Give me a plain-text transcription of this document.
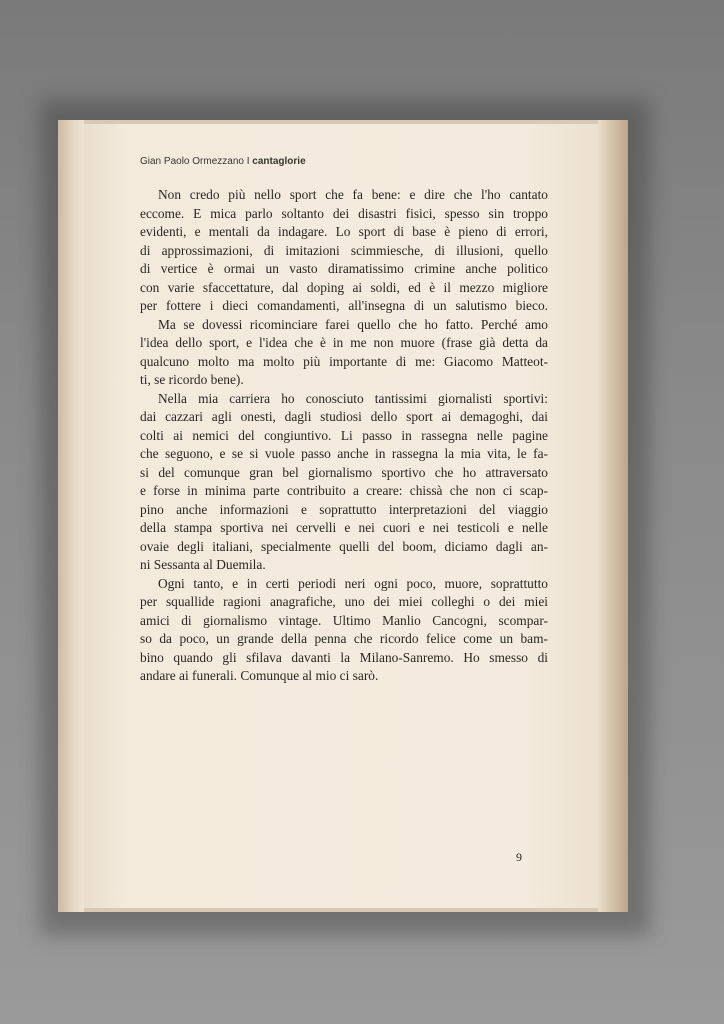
Gian Paolo Ormezzano I cantaglorie
Non credo più nello sport che fa bene: e dire che l'ho cantato
eccome. E mica parlo soltanto dei disastri fisici, spesso sin troppo
evidenti, e mentali da indagare. Lo sport di base è pieno di errori,
di approssimazioni, di imitazioni scimmiesche, di illusioni, quello
di vertice è ormai un vasto diramatissimo crimine anche politico
con varie sfaccettature, dal doping ai soldi, ed è il mezzo migliore
per fottere i dieci comandamenti, all'insegna di un salutismo bieco.
Ma se dovessi ricominciare farei quello che ho fatto. Perché amo
l'idea dello sport, e l'idea che è in me non muore (frase già detta da
qualcuno molto ma molto più importante di me: Giacomo Matteot-
ti, se ricordo bene).
Nella mia carriera ho conosciuto tantissimi giornalisti sportivi:
dai cazzari agli onesti, dagli studiosi dello sport ai demagoghi, dai
colti ai nemici del congiuntivo. Li passo in rassegna nelle pagine
che seguono, e se si vuole passo anche in rassegna la mia vita, le fa-
si del comunque gran bel giornalismo sportivo che ho attraversato
e forse in minima parte contribuito a creare: chissà che non ci scap-
pino anche informazioni e soprattutto interpretazioni del viaggio
della stampa sportiva nei cervelli e nei cuori e nei testicoli e nelle
ovaie degli italiani, specialmente quelli del boom, diciamo dagli an-
ni Sessanta al Duemila.
Ogni tanto, e in certi periodi neri ogni poco, muore, soprattutto
per squallide ragioni anagrafiche, uno dei miei colleghi o dei miei
amici di giornalismo vintage. Ultimo Manlio Cancogni, scompar-
so da poco, un grande della penna che ricordo felice come un bam-
bino quando gli sfilava davanti la Milano-Sanremo. Ho smesso di
andare ai funerali. Comunque al mio ci sarò.
9
